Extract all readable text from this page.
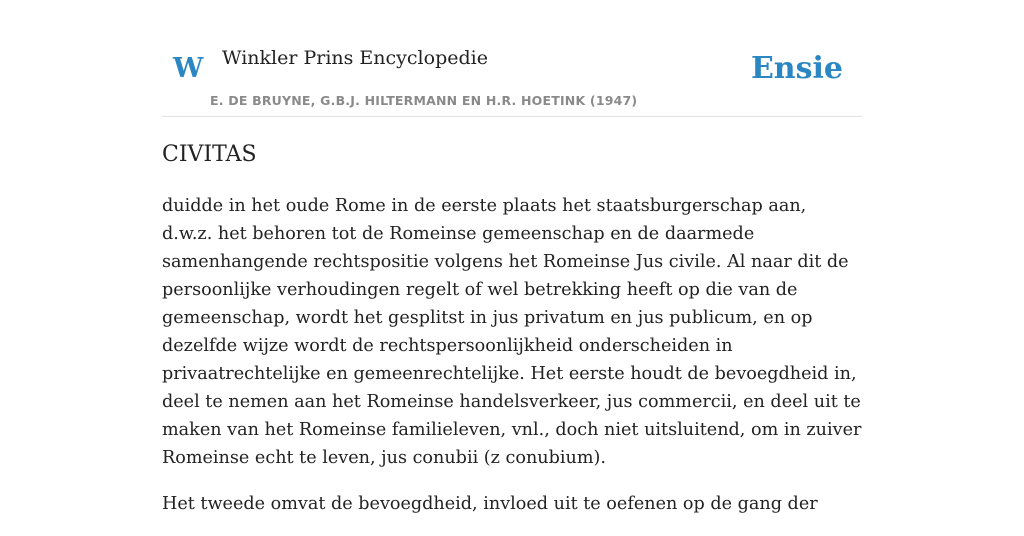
W Winkler Prins Encyclopedie
E. DE BRUYNE, G.B.J. HILTERMANN EN H.R. HOETINK (1947)
Ensie
CIVITAS

duidde in het oude Rome in de eerste plaats het staatsburgerschap aan, d.w.z. het behoren tot de Romeinse gemeenschap en de daarmede samenhangende rechtspositie volgens het Romeinse Jus civile. Al naar dit de persoonlijke verhoudingen regelt of wel betrekking heeft op die van de gemeenschap, wordt het gesplitst in jus privatum en jus publicum, en op dezelfde wijze wordt de rechtspersoonlijkheid onderscheiden in privaatrechtelijke en gemeenrechtelijke. Het eerste houdt de bevoegdheid in, deel te nemen aan het Romeinse handelsverkeer, jus commercii, en deel uit te maken van het Romeinse familieleven, vnl., doch niet uitsluitend, om in zuiver Romeinse echt te leven, jus conubii (z conubium).

Het tweede omvat de bevoegdheid, invloed uit te oefenen op de gang der
